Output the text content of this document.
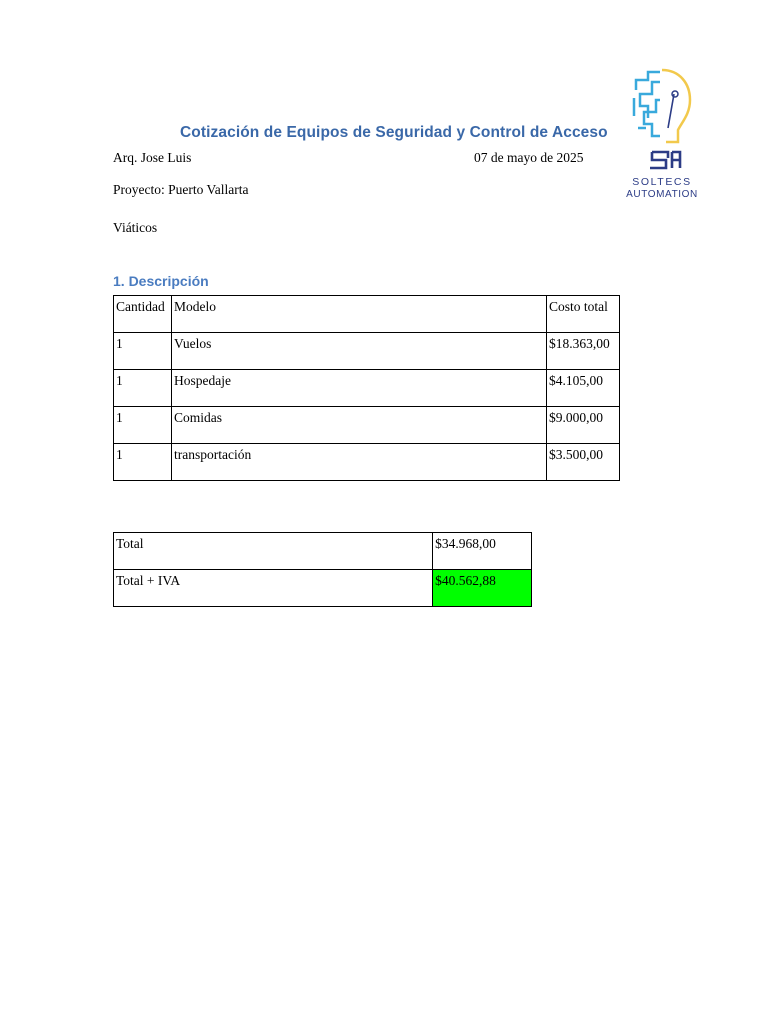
SOLTECS
AUTOMATION
Cotización de Equipos de Seguridad y Control de Acceso
Arq. Jose Luis	07 de mayo de 2025
Proyecto: Puerto Vallarta
Viáticos
1. Descripción
Cantidad	Modelo	Costo total
1	Vuelos	$18.363,00
1	Hospedaje	$4.105,00
1	Comidas	$9.000,00
1	transportación	$3.500,00
Total	$34.968,00
Total + IVA	$40.562,88
